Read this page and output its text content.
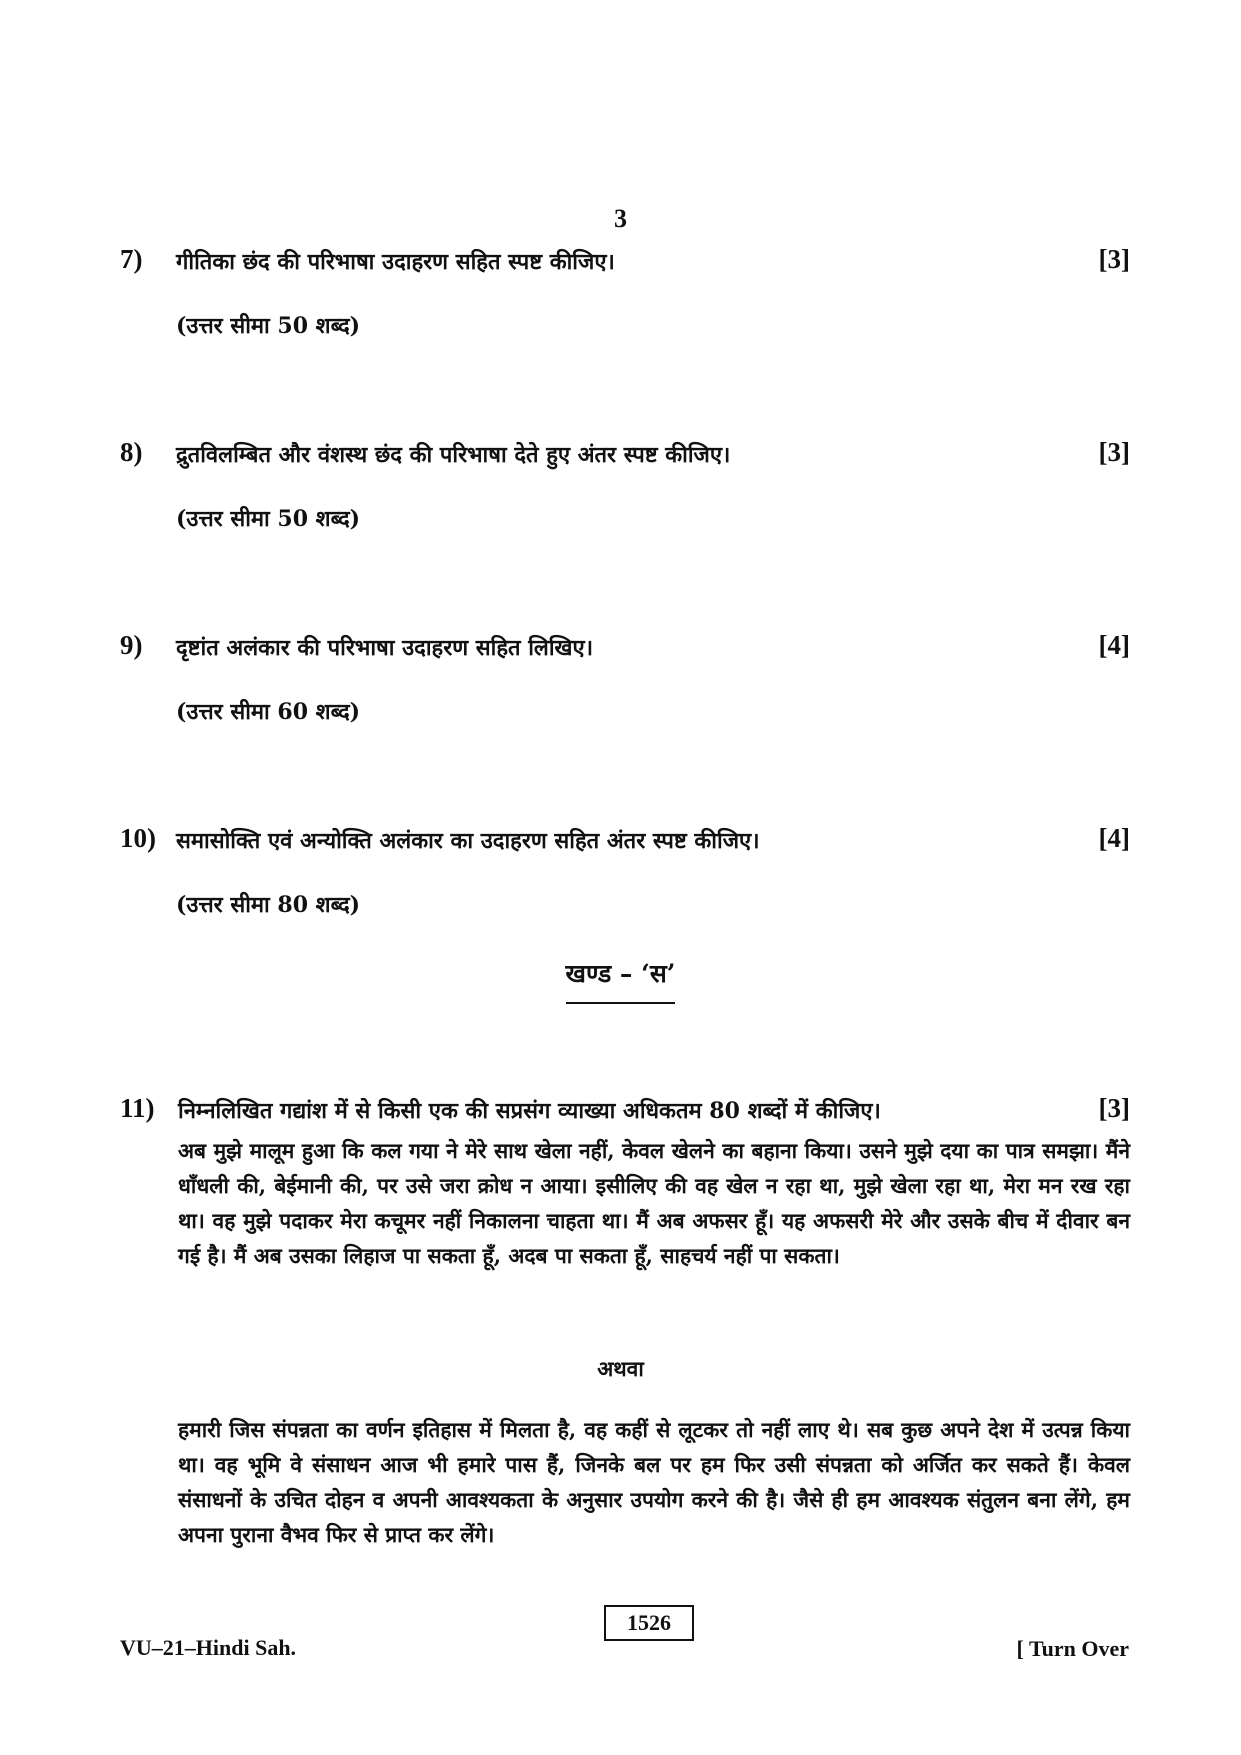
3
7) गीतिका छंद की परिभाषा उदाहरण सहित स्पष्ट कीजिए।	[3]
(उत्तर सीमा 50 शब्द)
8) द्रुतविलम्बित और वंशस्थ छंद की परिभाषा देते हुए अंतर स्पष्ट कीजिए।	[3]
(उत्तर सीमा 50 शब्द)
9) दृष्टांत अलंकार की परिभाषा उदाहरण सहित लिखिए।	[4]
(उत्तर सीमा 60 शब्द)
10) समासोक्ति एवं अन्योक्ति अलंकार का उदाहरण सहित अंतर स्पष्ट कीजिए।	[4]
(उत्तर सीमा 80 शब्द)
खण्ड – ‘स’
11) निम्नलिखित गद्यांश में से किसी एक की सप्रसंग व्याख्या अधिकतम 80 शब्दों में कीजिए।	[3]
अब मुझे मालूम हुआ कि कल गया ने मेरे साथ खेला नहीं, केवल खेलने का बहाना किया। उसने मुझे दया का पात्र समझा। मैंने धाँधली की, बेईमानी की, पर उसे जरा क्रोध न आया। इसीलिए की वह खेल न रहा था, मुझे खेला रहा था, मेरा मन रख रहा था। वह मुझे पदाकर मेरा कचूमर नहीं निकालना चाहता था। मैं अब अफसर हूँ। यह अफसरी मेरे और उसके बीच में दीवार बन गई है। मैं अब उसका लिहाज पा सकता हूँ, अदब पा सकता हूँ, साहचर्य नहीं पा सकता।
अथवा
हमारी जिस संपन्नता का वर्णन इतिहास में मिलता है, वह कहीं से लूटकर तो नहीं लाए थे। सब कुछ अपने देश में उत्पन्न किया था। वह भूमि वे संसाधन आज भी हमारे पास हैं, जिनके बल पर हम फिर उसी संपन्नता को अर्जित कर सकते हैं। केवल संसाधनों के उचित दोहन व अपनी आवश्यकता के अनुसार उपयोग करने की है। जैसे ही हम आवश्यक संतुलन बना लेंगे, हम अपना पुराना वैभव फिर से प्राप्त कर लेंगे।
VU–21–Hindi Sah.
1526
[ Turn Over
